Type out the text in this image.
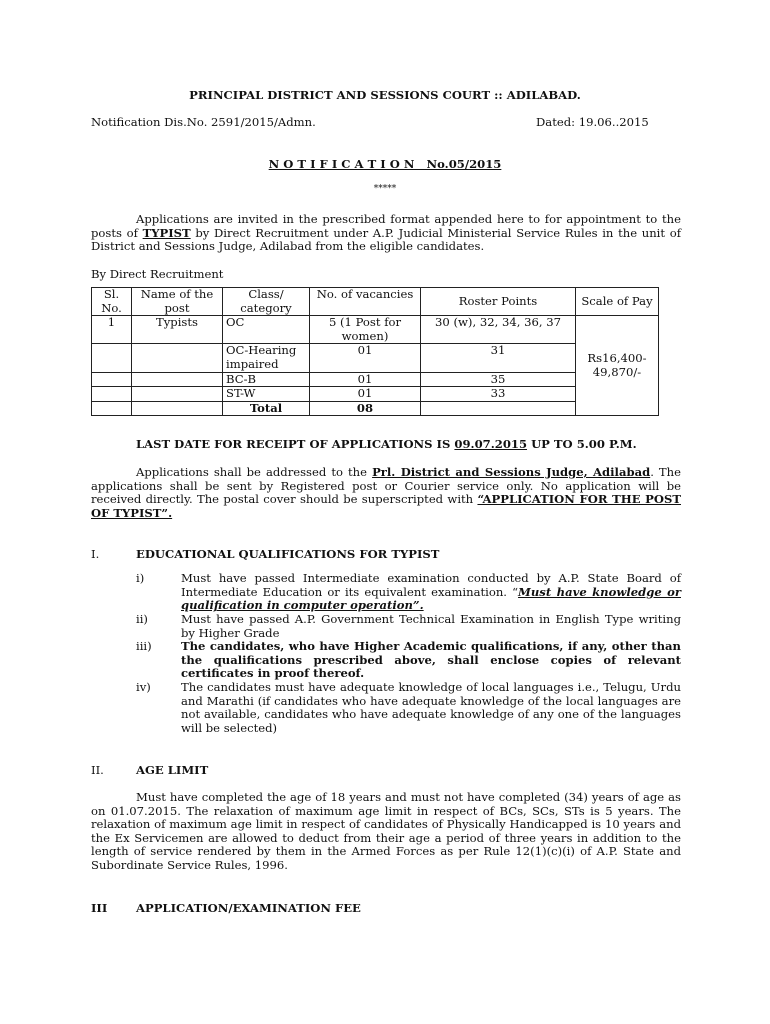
PRINCIPAL DISTRICT AND SESSIONS COURT :: ADILABAD.
Notification Dis.No. 2591/2015/Admn.	Dated: 19.06..2015
N O T I F I C A T I O N   No.05/2015
*****
Applications are invited in the prescribed format appended here to for appointment to the posts of TYPIST by Direct Recruitment under A.P. Judicial Ministerial Service Rules in the unit of District and Sessions Judge, Adilabad from the eligible candidates.
By Direct Recruitment
Sl. No.	Name of the post	Class/ category	No. of vacancies	Roster Points	Scale of Pay
1	Typists	OC	5 (1 Post for women)	30 (w), 32, 34, 36, 37	Rs16,400-49,870/-
		OC-Hearing impaired	01	31	
		BC-B	01	35	
		ST-W	01	33	
		Total	08		
LAST DATE FOR RECEIPT OF APPLICATIONS IS 09.07.2015 UP TO 5.00 P.M.
Applications shall be addressed to the Prl. District and Sessions Judge, Adilabad. The applications shall be sent by Registered post or Courier service only. No application will be received directly. The postal cover should be superscripted with “APPLICATION FOR THE POST OF TYPIST”.
I.	EDUCATIONAL QUALIFICATIONS FOR TYPIST
i)	Must have passed Intermediate examination conducted by A.P. State Board of Intermediate Education or its equivalent examination. “Must have knowledge or qualification in computer operation”.
ii)	Must have passed A.P. Government Technical Examination in English Type writing by Higher Grade
iii)	The candidates, who have Higher Academic qualifications, if any, other than the qualifications prescribed above, shall enclose copies of relevant certificates in proof thereof.
iv)	The candidates must have adequate knowledge of local languages i.e., Telugu, Urdu and Marathi (if candidates who have adequate knowledge of the local languages are not available, candidates who have adequate knowledge of any one of the languages will be selected)
II.	AGE LIMIT
Must have completed the age of 18 years and must not have completed (34) years of age as on 01.07.2015. The relaxation of maximum age limit in respect of BCs, SCs, STs is 5 years. The relaxation of maximum age limit in respect of candidates of Physically Handicapped is 10 years and the Ex Servicemen are allowed to deduct from their age a period of three years in addition to the length of service rendered by them in the Armed Forces as per Rule 12(1)(c)(i) of A.P. State and Subordinate Service Rules, 1996.
III APPLICATION/EXAMINATION FEE
